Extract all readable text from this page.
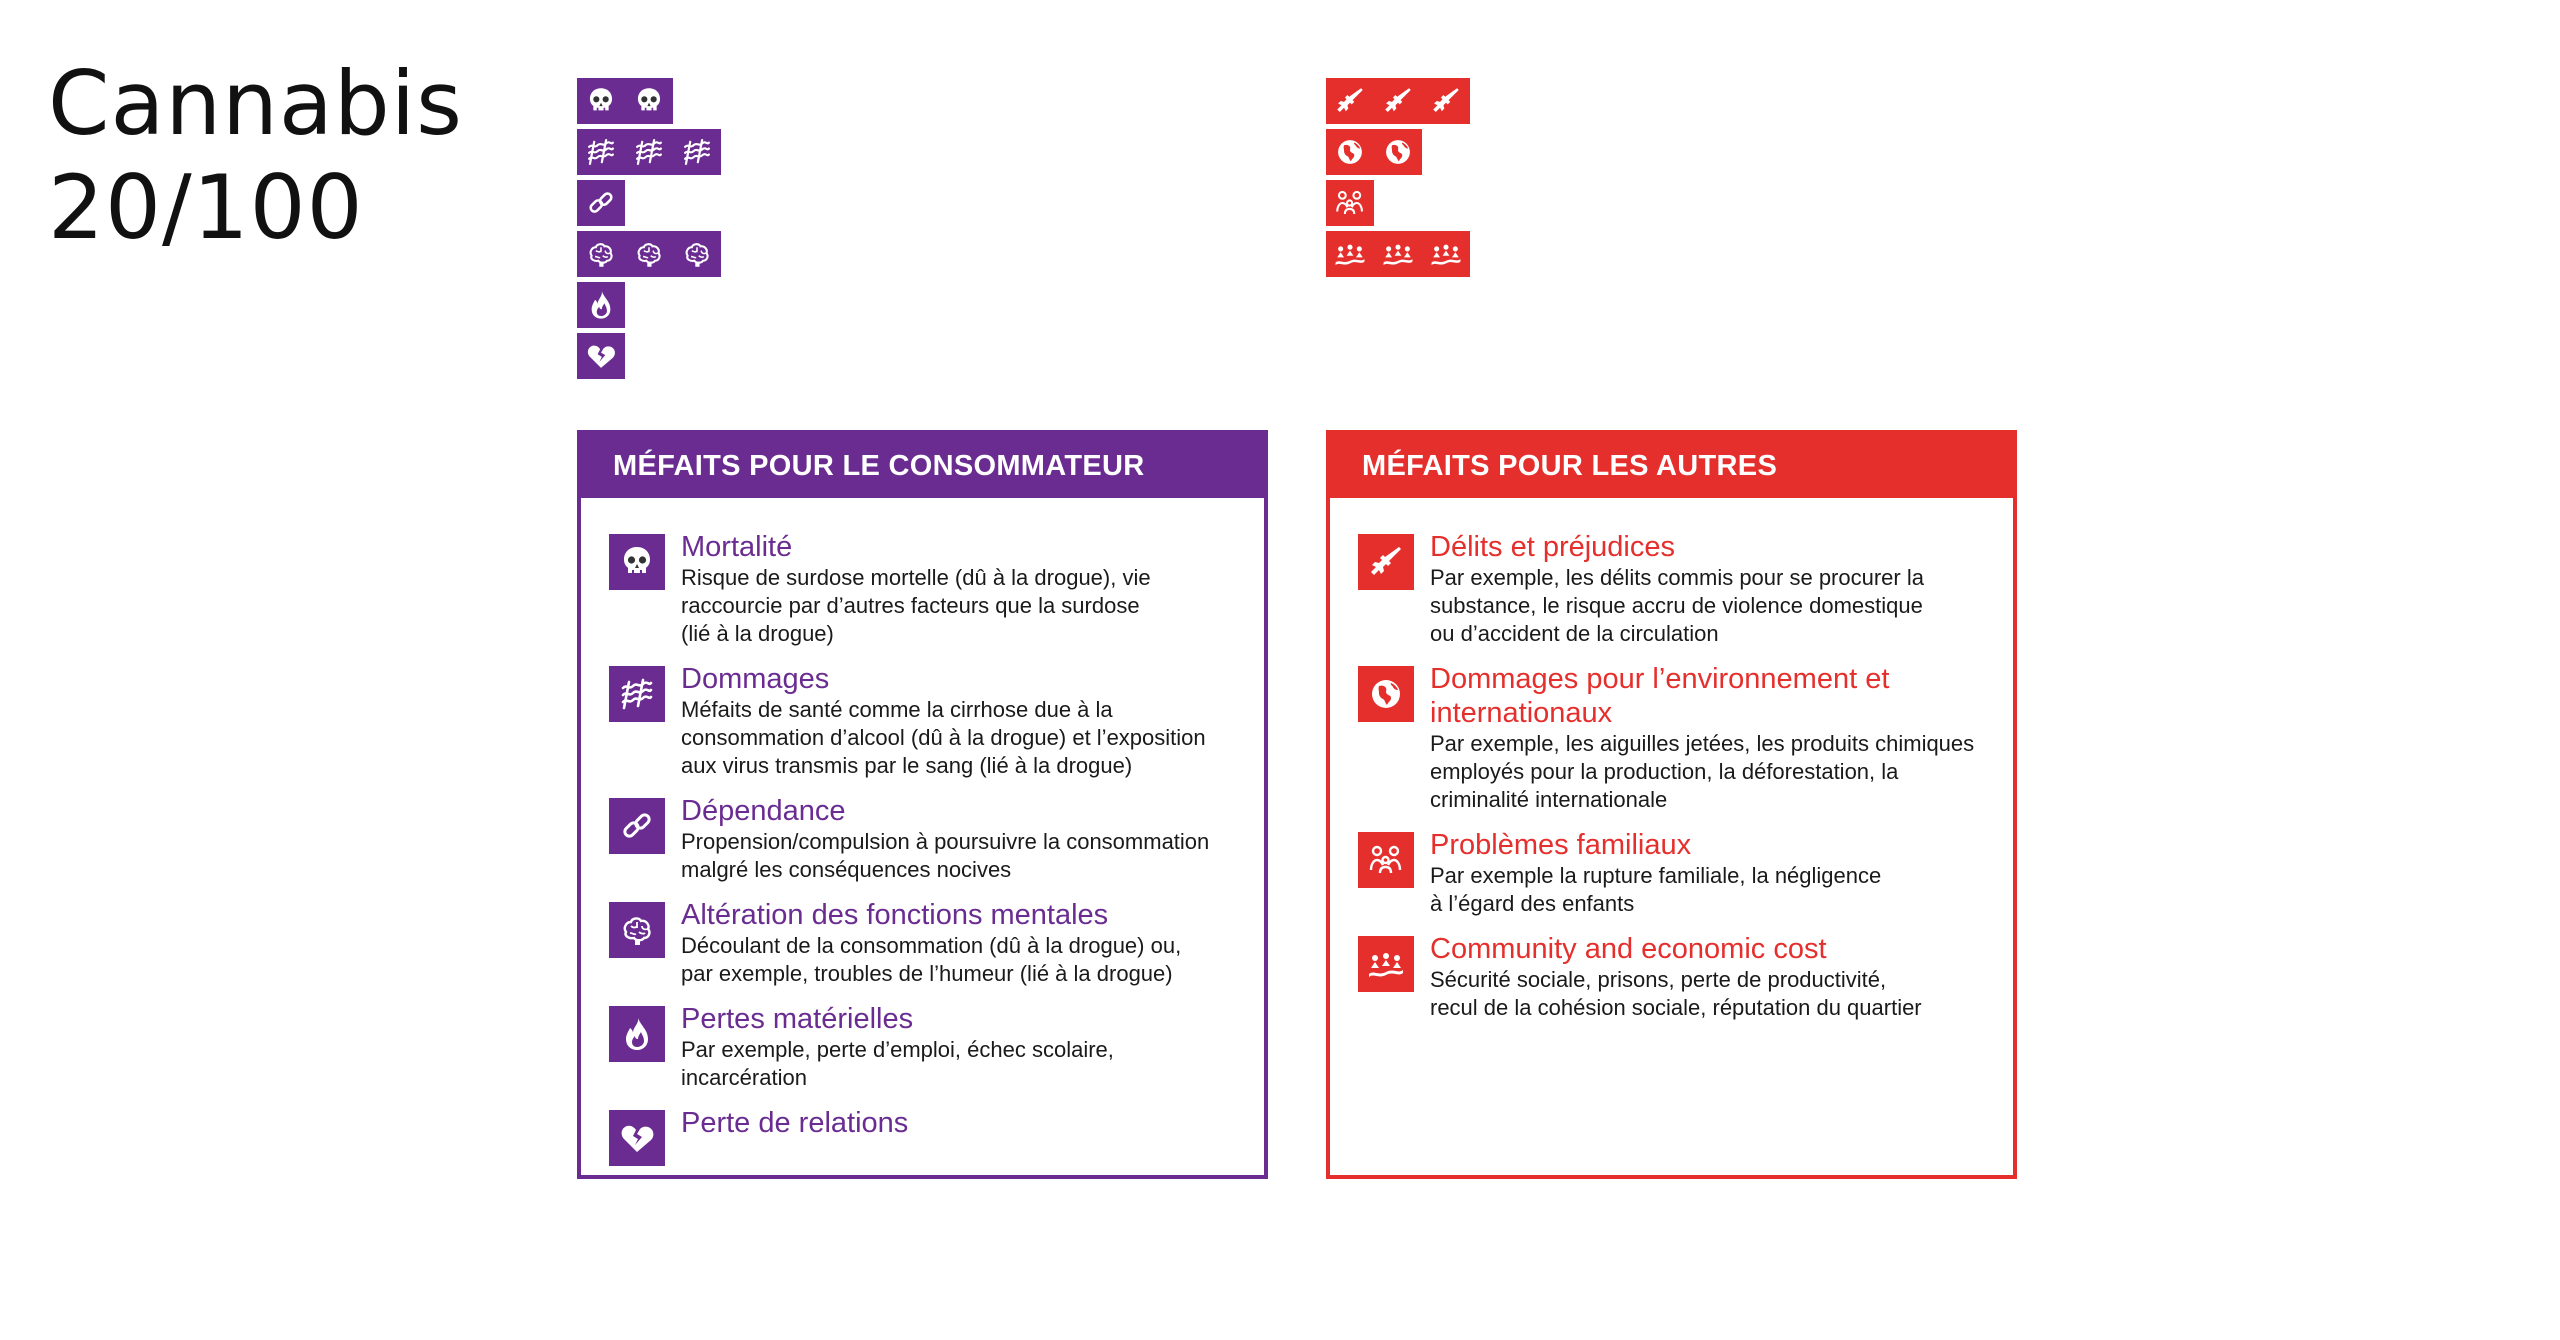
Cannabis
20/100
MÉFAITS POUR LE CONSOMMATEUR
Mortalité
Risque de surdose mortelle (dû à la drogue), vie
raccourcie par d’autres facteurs que la surdose
(lié à la drogue)
Dommages
Méfaits de santé comme la cirrhose due à la
consommation d’alcool (dû à la drogue) et l’exposition
aux virus transmis par le sang (lié à la drogue)
Dépendance
Propension/compulsion à poursuivre la consommation
malgré les conséquences nocives
Altération des fonctions mentales
Découlant de la consommation (dû à la drogue) ou,
par exemple, troubles de l’humeur (lié à la drogue)
Pertes matérielles
Par exemple, perte d’emploi, échec scolaire,
incarcération
Perte de relations
MÉFAITS POUR LES AUTRES
Délits et préjudices
Par exemple, les délits commis pour se procurer la
substance, le risque accru de violence domestique
ou d’accident de la circulation
Dommages pour l’environnement et internationaux
Par exemple, les aiguilles jetées, les produits chimiques
employés pour la production, la déforestation, la
criminalité internationale
Problèmes familiaux
Par exemple la rupture familiale, la négligence
à l’égard des enfants
Community and economic cost
Sécurité sociale, prisons, perte de productivité,
recul de la cohésion sociale, réputation du quartier
